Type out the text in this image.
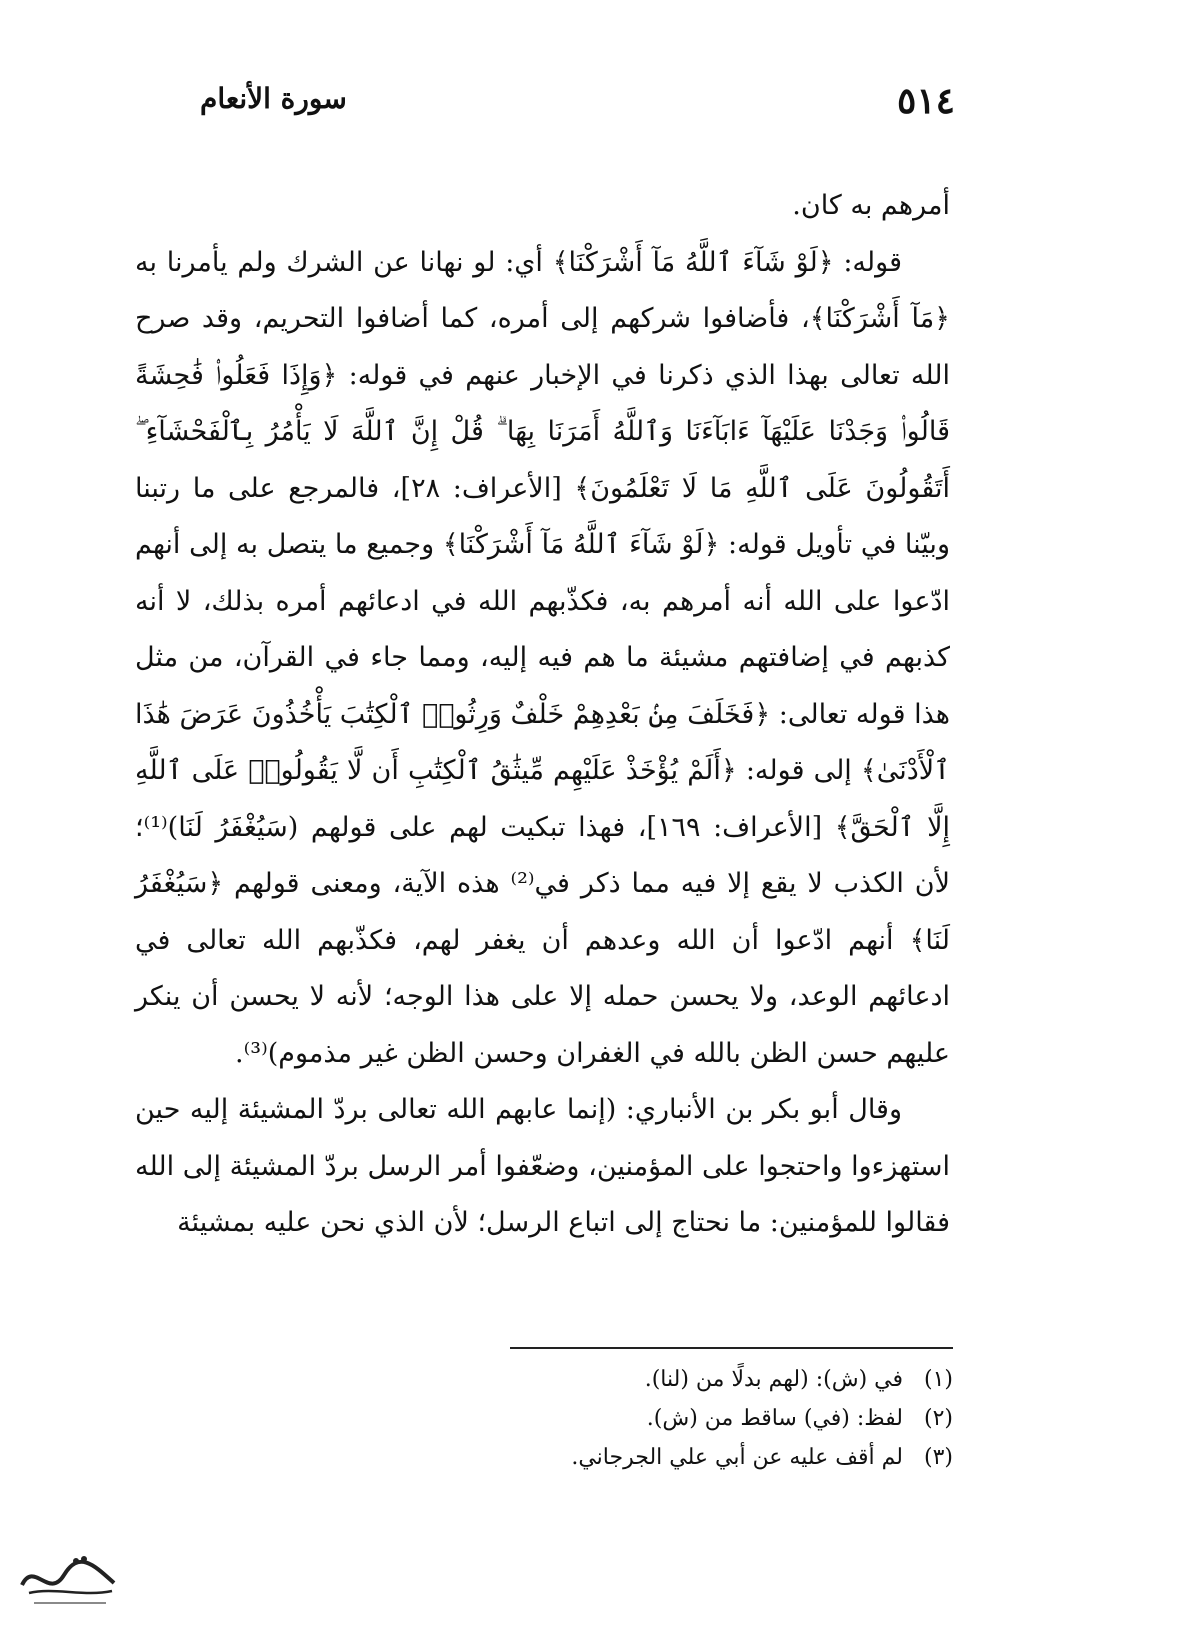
٥١٤
سورة الأنعام

أمرهم به كان.

قوله: ﴿لَوْ شَآءَ ٱللَّهُ مَآ أَشْرَكْنَا﴾ أي: لو نهانا عن الشرك ولم يأمرنا به ﴿مَآ أَشْرَكْنَا﴾، فأضافوا شركهم إلى أمره، كما أضافوا التحريم، وقد صرح الله تعالى بهذا الذي ذكرنا في الإخبار عنهم في قوله: ﴿وَإِذَا فَعَلُوا۟ فَٰحِشَةً قَالُوا۟ وَجَدْنَا عَلَيْهَآ ءَابَآءَنَا وَٱللَّهُ أَمَرَنَا بِهَا ۗ قُلْ إِنَّ ٱللَّهَ لَا يَأْمُرُ بِٱلْفَحْشَآءِ ۖ أَتَقُولُونَ عَلَى ٱللَّهِ مَا لَا تَعْلَمُونَ﴾ [الأعراف: ٢٨]، فالمرجع على ما رتبنا وبيّنا في تأويل قوله: ﴿لَوْ شَآءَ ٱللَّهُ مَآ أَشْرَكْنَا﴾ وجميع ما يتصل به إلى أنهم ادّعوا على الله أنه أمرهم به، فكذّبهم الله في ادعائهم أمره بذلك، لا أنه كذبهم في إضافتهم مشيئة ما هم فيه إليه، ومما جاء في القرآن، من مثل هذا قوله تعالى: ﴿فَخَلَفَ مِنۢ بَعْدِهِمْ خَلْفٌ وَرِثُوا۟ ٱلْكِتَٰبَ يَأْخُذُونَ عَرَضَ هَٰذَا ٱلْأَدْنَىٰ﴾ إلى قوله: ﴿أَلَمْ يُؤْخَذْ عَلَيْهِم مِّيثَٰقُ ٱلْكِتَٰبِ أَن لَّا يَقُولُوا۟ عَلَى ٱللَّهِ إِلَّا ٱلْحَقَّ﴾ [الأعراف: ١٦٩]، فهذا تبكيت لهم على قولهم (سَيُغْفَرُ لَنَا)⁽¹⁾؛ لأن الكذب لا يقع إلا فيه مما ذكر في⁽²⁾ هذه الآية، ومعنى قولهم ﴿سَيُغْفَرُ لَنَا﴾ أنهم ادّعوا أن الله وعدهم أن يغفر لهم، فكذّبهم الله تعالى في ادعائهم الوعد، ولا يحسن حمله إلا على هذا الوجه؛ لأنه لا يحسن أن ينكر عليهم حسن الظن بالله في الغفران وحسن الظن غير مذموم)⁽³⁾.

وقال أبو بكر بن الأنباري: (إنما عابهم الله تعالى بردّ المشيئة إليه حين استهزءوا واحتجوا على المؤمنين، وضعّفوا أمر الرسل بردّ المشيئة إلى الله فقالوا للمؤمنين: ما نحتاج إلى اتباع الرسل؛ لأن الذي نحن عليه بمشيئة

(١)
في (ش): (لهم بدلًا من (لنا).
(٢)
لفظ: (في) ساقط من (ش).
(٣)
لم أقف عليه عن أبي علي الجرجاني.
